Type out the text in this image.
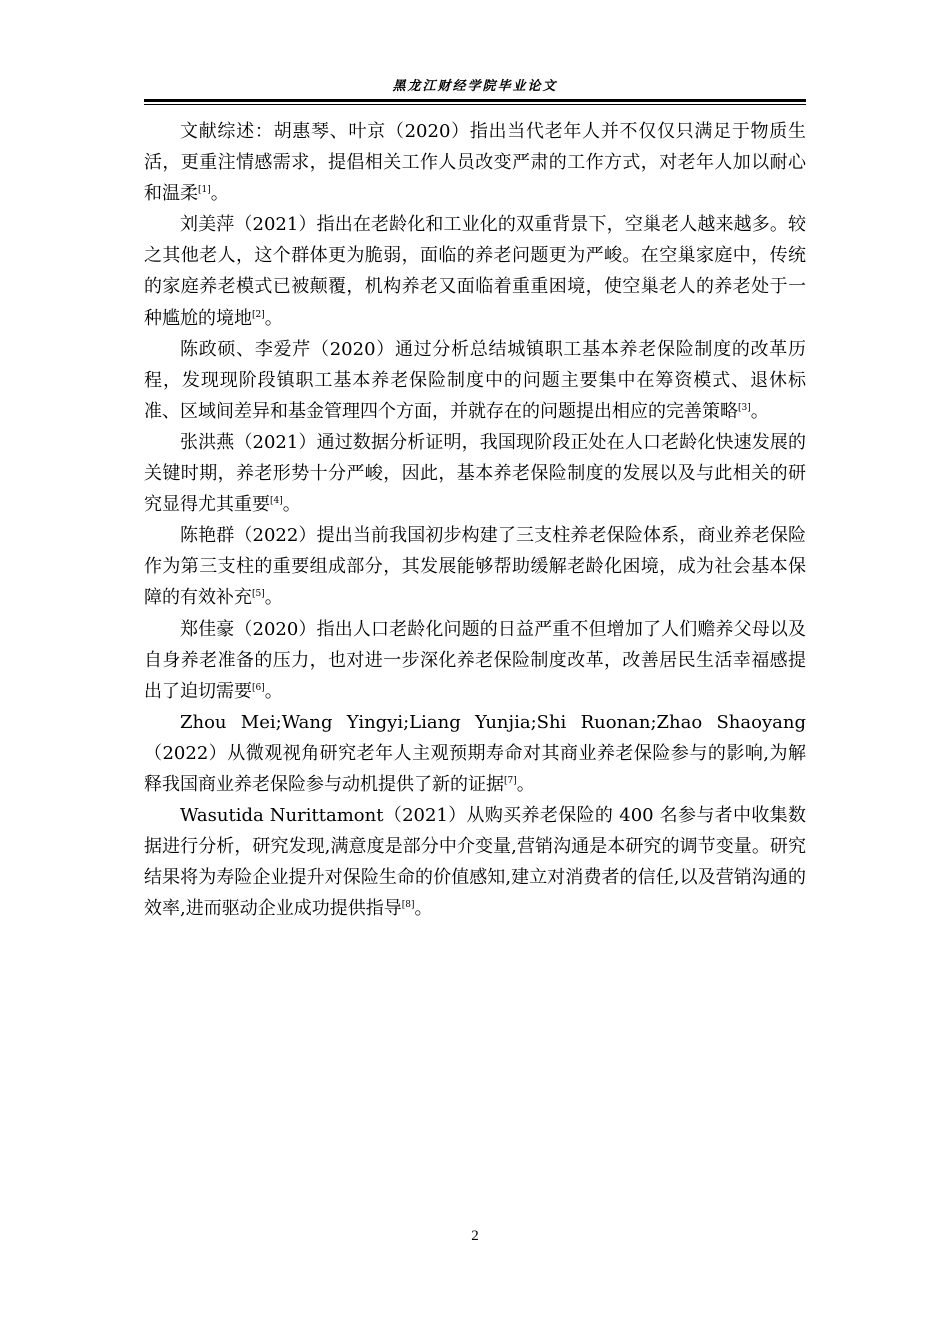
黑龙江财经学院毕业论文

文献综述：胡惠琴、叶京（2020）指出当代老年人并不仅仅只满足于物质生活，更重注情感需求，提倡相关工作人员改变严肃的工作方式，对老年人加以耐心和温柔[1]。

刘美萍（2021）指出在老龄化和工业化的双重背景下，空巢老人越来越多。较之其他老人，这个群体更为脆弱，面临的养老问题更为严峻。在空巢家庭中，传统的家庭养老模式已被颠覆，机构养老又面临着重重困境，使空巢老人的养老处于一种尴尬的境地[2]。

陈政硕、李爱芹（2020）通过分析总结城镇职工基本养老保险制度的改革历程，发现现阶段镇职工基本养老保险制度中的问题主要集中在筹资模式、退休标准、区域间差异和基金管理四个方面，并就存在的问题提出相应的完善策略[3]。

张洪燕（2021）通过数据分析证明，我国现阶段正处在人口老龄化快速发展的关键时期，养老形势十分严峻，因此，基本养老保险制度的发展以及与此相关的研究显得尤其重要[4]。

陈艳群（2022）提出当前我国初步构建了三支柱养老保险体系，商业养老保险作为第三支柱的重要组成部分，其发展能够帮助缓解老龄化困境，成为社会基本保障的有效补充[5]。

郑佳豪（2020）指出人口老龄化问题的日益严重不但增加了人们赡养父母以及自身养老准备的压力，也对进一步深化养老保险制度改革，改善居民生活幸福感提出了迫切需要[6]。

Zhou Mei;Wang Yingyi;Liang Yunjia;Shi Ruonan;Zhao Shaoyang （2022）从微观视角研究老年人主观预期寿命对其商业养老保险参与的影响,为解释我国商业养老保险参与动机提供了新的证据[7]。

Wasutida Nurittamont（2021）从购买养老保险的 400 名参与者中收集数据进行分析，研究发现,满意度是部分中介变量,营销沟通是本研究的调节变量。研究结果将为寿险企业提升对保险生命的价值感知,建立对消费者的信任,以及营销沟通的效率,进而驱动企业成功提供指导[8]。

2
